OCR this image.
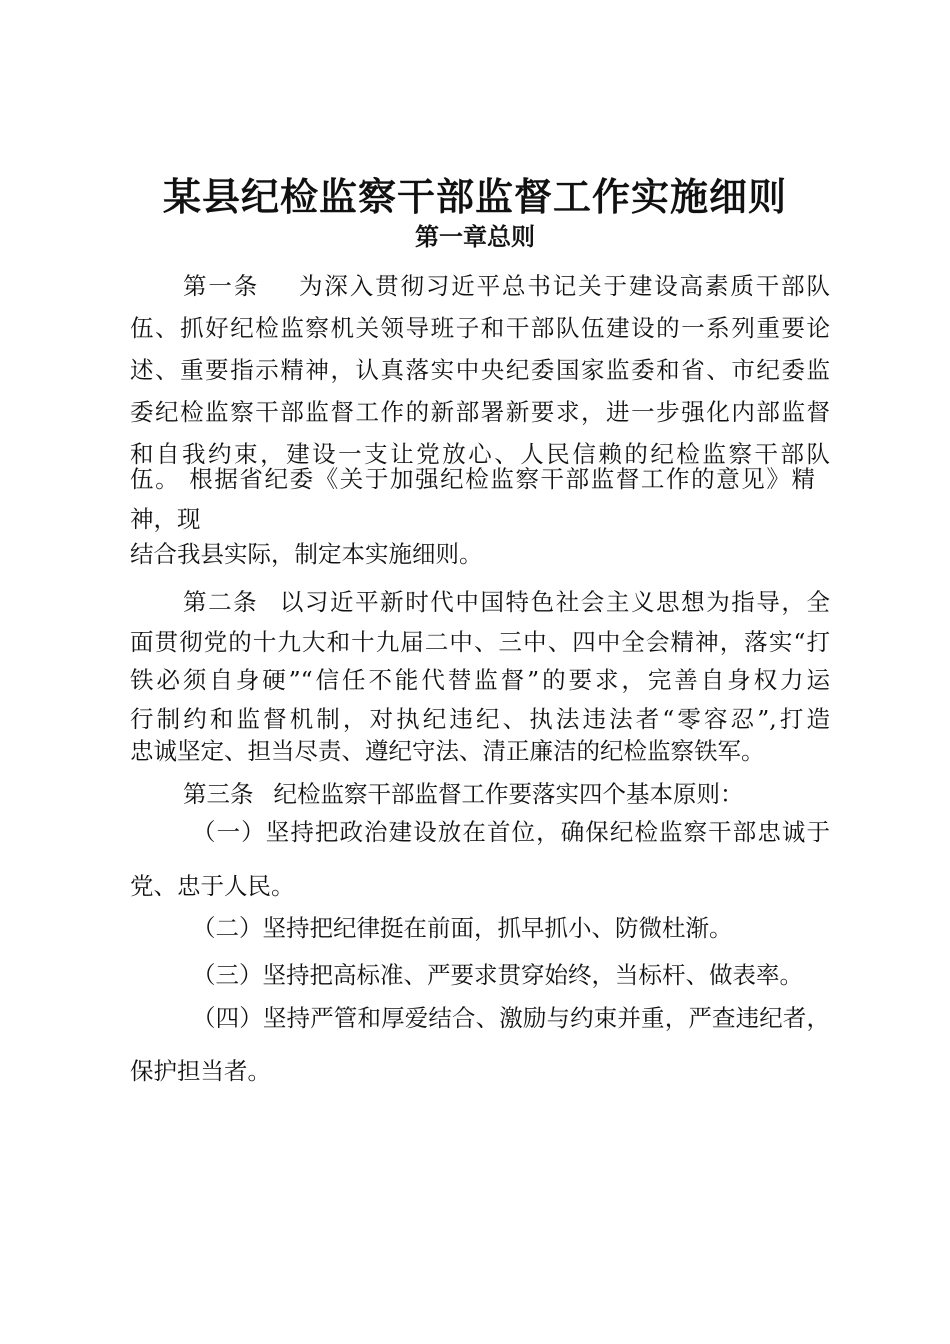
某县纪检监察干部监督工作实施细则
第一章总则
第一条 为深入贯彻习近平总书记关于建设高素质干部队
伍、抓好纪检监察机关领导班子和干部队伍建设的一系列重要论
述、重要指示精神，认真落实中央纪委国家监委和省、市纪委监
委纪检监察干部监督工作的新部署新要求，进一步强化内部监督
和自我约束，建设一支让党放心、人民信赖的纪检监察干部队
伍。 根据省纪委《关于加强纪检监察干部监督工作的意见》精
神，现
结合我县实际，制定本实施细则。
第二条 以习近平新时代中国特色社会主义思想为指导，全
面贯彻党的十九大和十九届二中、三中、四中全会精神，落实“打
铁必须自身硬”“信任不能代替监督”的要求，完善自身权力运
行制约和监督机制，对执纪违纪、执法违法者“零容忍”,打造
忠诚坚定、担当尽责、遵纪守法、清正廉洁的纪检监察铁军。
第三条 纪检监察干部监督工作要落实四个基本原则：
（一）坚持把政治建设放在首位，确保纪检监察干部忠诚于
党、忠于人民。
（二）坚持把纪律挺在前面，抓早抓小、防微杜渐。
（三）坚持把高标准、严要求贯穿始终，当标杆、做表率。
（四）坚持严管和厚爱结合、激励与约束并重，严查违纪者，
保护担当者。
